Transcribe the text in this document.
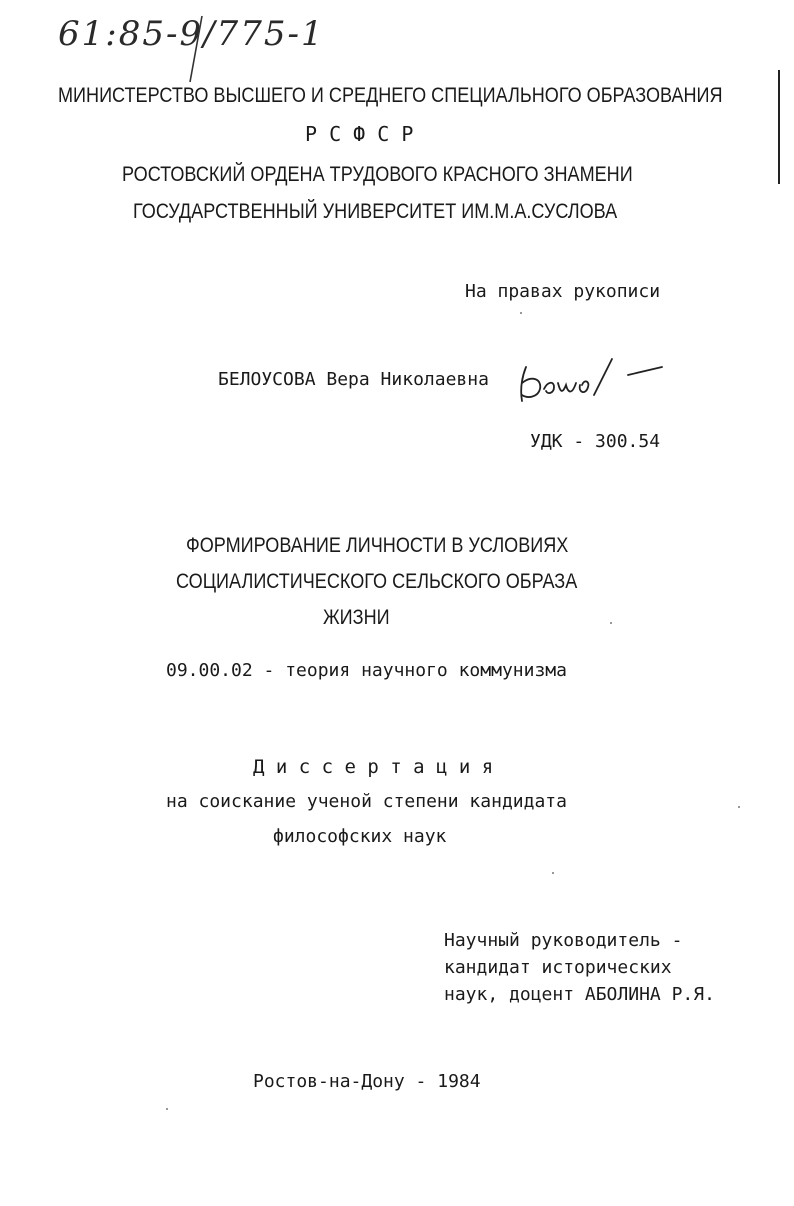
61:85-9/775-1
МИНИСТЕРСТВО ВЫСШЕГО И СРЕДНЕГО СПЕЦИАЛЬНОГО ОБРАЗОВАНИЯ
Р С Ф С Р
РОСТОВСКИЙ ОРДЕНА ТРУДОВОГО КРАСНОГО ЗНАМЕНИ
ГОСУДАРСТВЕННЫЙ УНИВЕРСИТЕТ ИМ.М.А.СУСЛОВА
На правах рукописи
БЕЛОУСОВА Вера Николаевна
УДК - 300.54
ФОРМИРОВАНИЕ ЛИЧНОСТИ В УСЛОВИЯХ
СОЦИАЛИСТИЧЕСКОГО СЕЛЬСКОГО ОБРАЗА
ЖИЗНИ
09.00.02 - теория научного коммунизма
Д и с с е р т а ц и я
на соискание ученой степени кандидата
философских наук
Научный руководитель -
кандидат исторических
наук, доцент АБОЛИНА Р.Я.
Ростов-на-Дону - 1984
